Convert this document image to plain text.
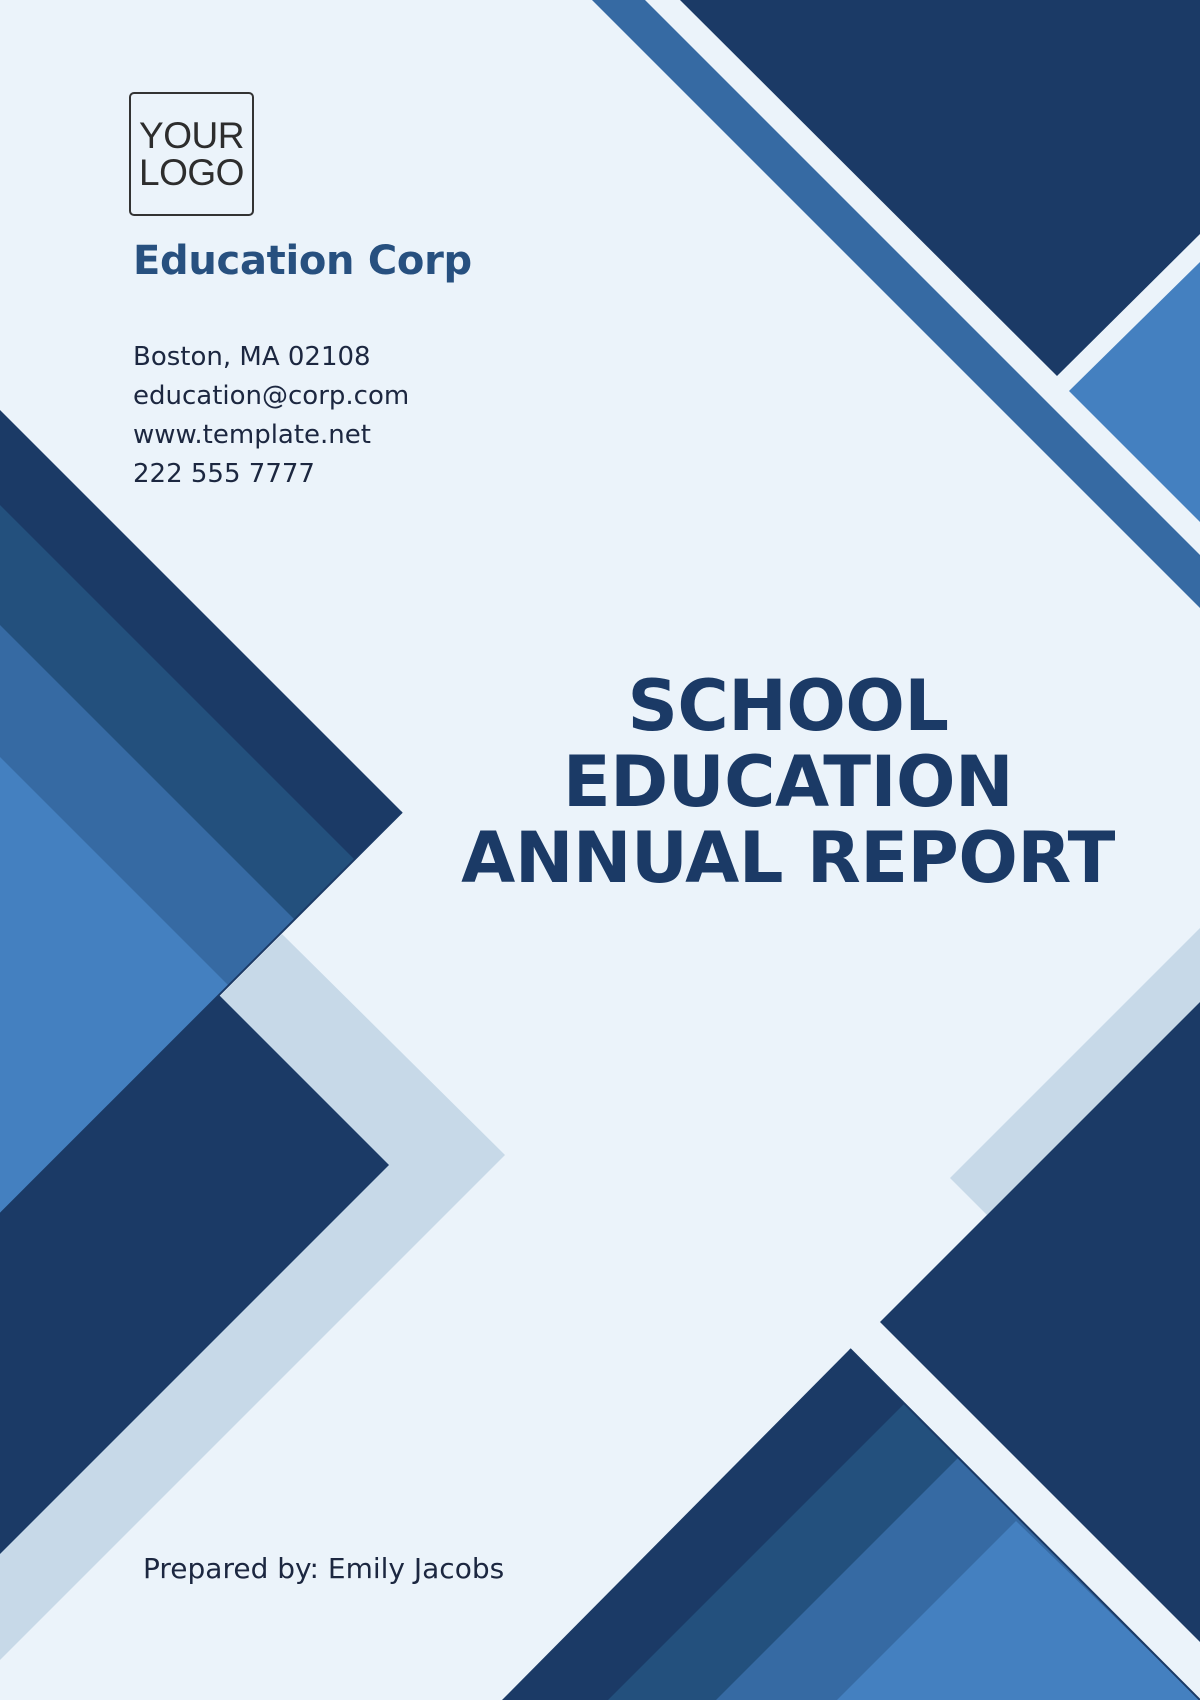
YOUR
LOGO
Education Corp
Boston, MA 02108
education@corp.com
www.template.net
222 555 7777
SCHOOL
EDUCATION
ANNUAL REPORT
Prepared by: Emily Jacobs
